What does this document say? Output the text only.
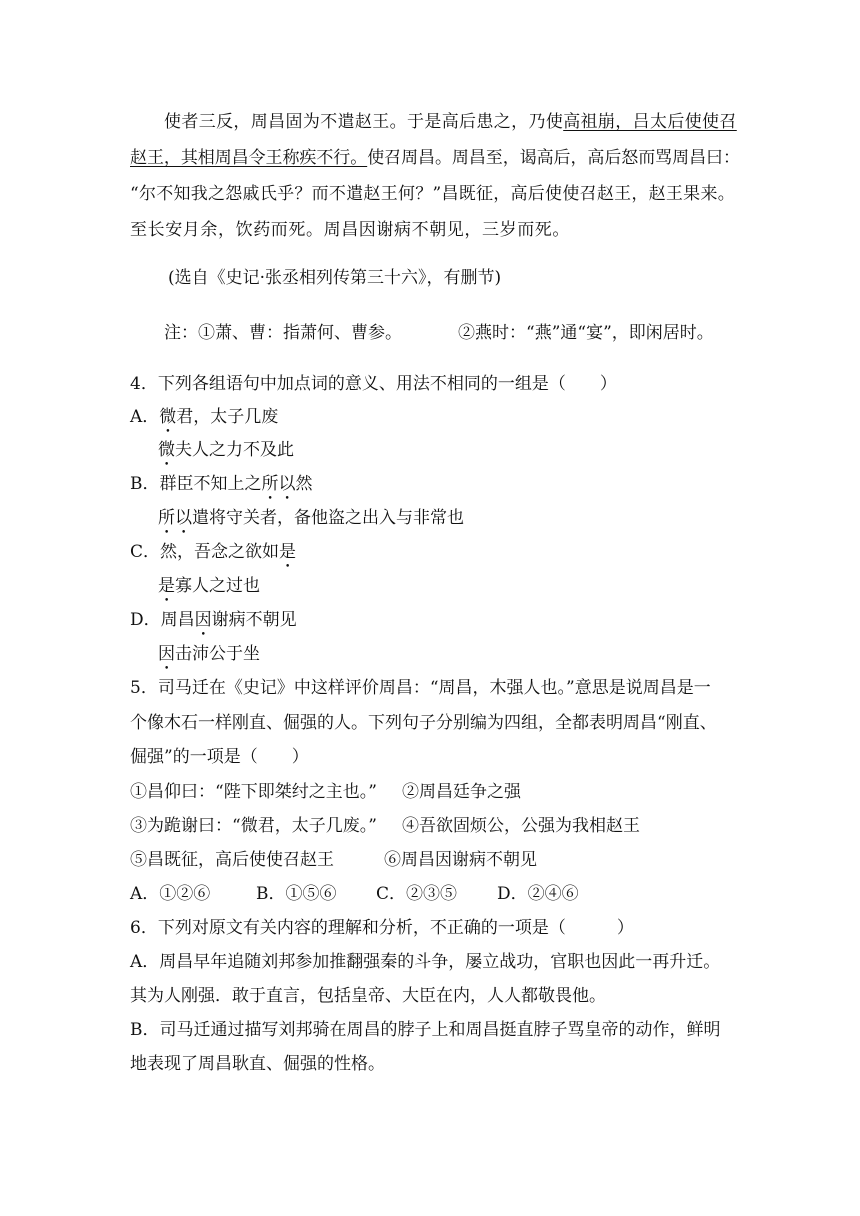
使者三反，周昌固为不遣赵王。于是高后患之，乃使高祖崩，吕太后使使召
赵王，其相周昌令王称疾不行。使召周昌。周昌至，谒高后，高后怒而骂周昌曰：
“尔不知我之怨戚氏乎？而不遣赵王何？”昌既征，高后使使召赵王，赵王果来。
至长安月余，饮药而死。周昌因谢病不朝见，三岁而死。
(选自《史记·张丞相列传第三十六》，有删节)
注：①萧、曹：指萧何、曹参。	②燕时：“燕”通“宴”，即闲居时。
4．下列各组语句中加点词的意义、用法不相同的一组是（　　）
A．微君，太子几废
微夫人之力不及此
B．群臣不知上之所以然
所以遣将守关者，备他盗之出入与非常也
C．然，吾念之欲如是
是寡人之过也
D．周昌因谢病不朝见
因击沛公于坐
5．司马迁在《史记》中这样评价周昌：“周昌，木强人也。”意思是说周昌是一
个像木石一样刚直、倔强的人。下列句子分别编为四组，全都表明周昌“刚直、
倔强”的一项是（　　）
①昌仰曰：“陛下即桀纣之主也。” ②周昌廷争之强
③为跪谢曰：“微君，太子几废。” ④吾欲固烦公，公强为我相赵王
⑤昌既征，高后使使召赵王	⑥周昌因谢病不朝见
A．①②⑥	B．①⑤⑥ C．②③⑤ D．②④⑥
6．下列对原文有关内容的理解和分析，不正确的一项是（　　　）
A．周昌早年追随刘邦参加推翻强秦的斗争，屡立战功，官职也因此一再升迁。
其为人刚强．敢于直言，包括皇帝、大臣在内，人人都敬畏他。
B．司马迁通过描写刘邦骑在周昌的脖子上和周昌挺直脖子骂皇帝的动作，鲜明
地表现了周昌耿直、倔强的性格。
